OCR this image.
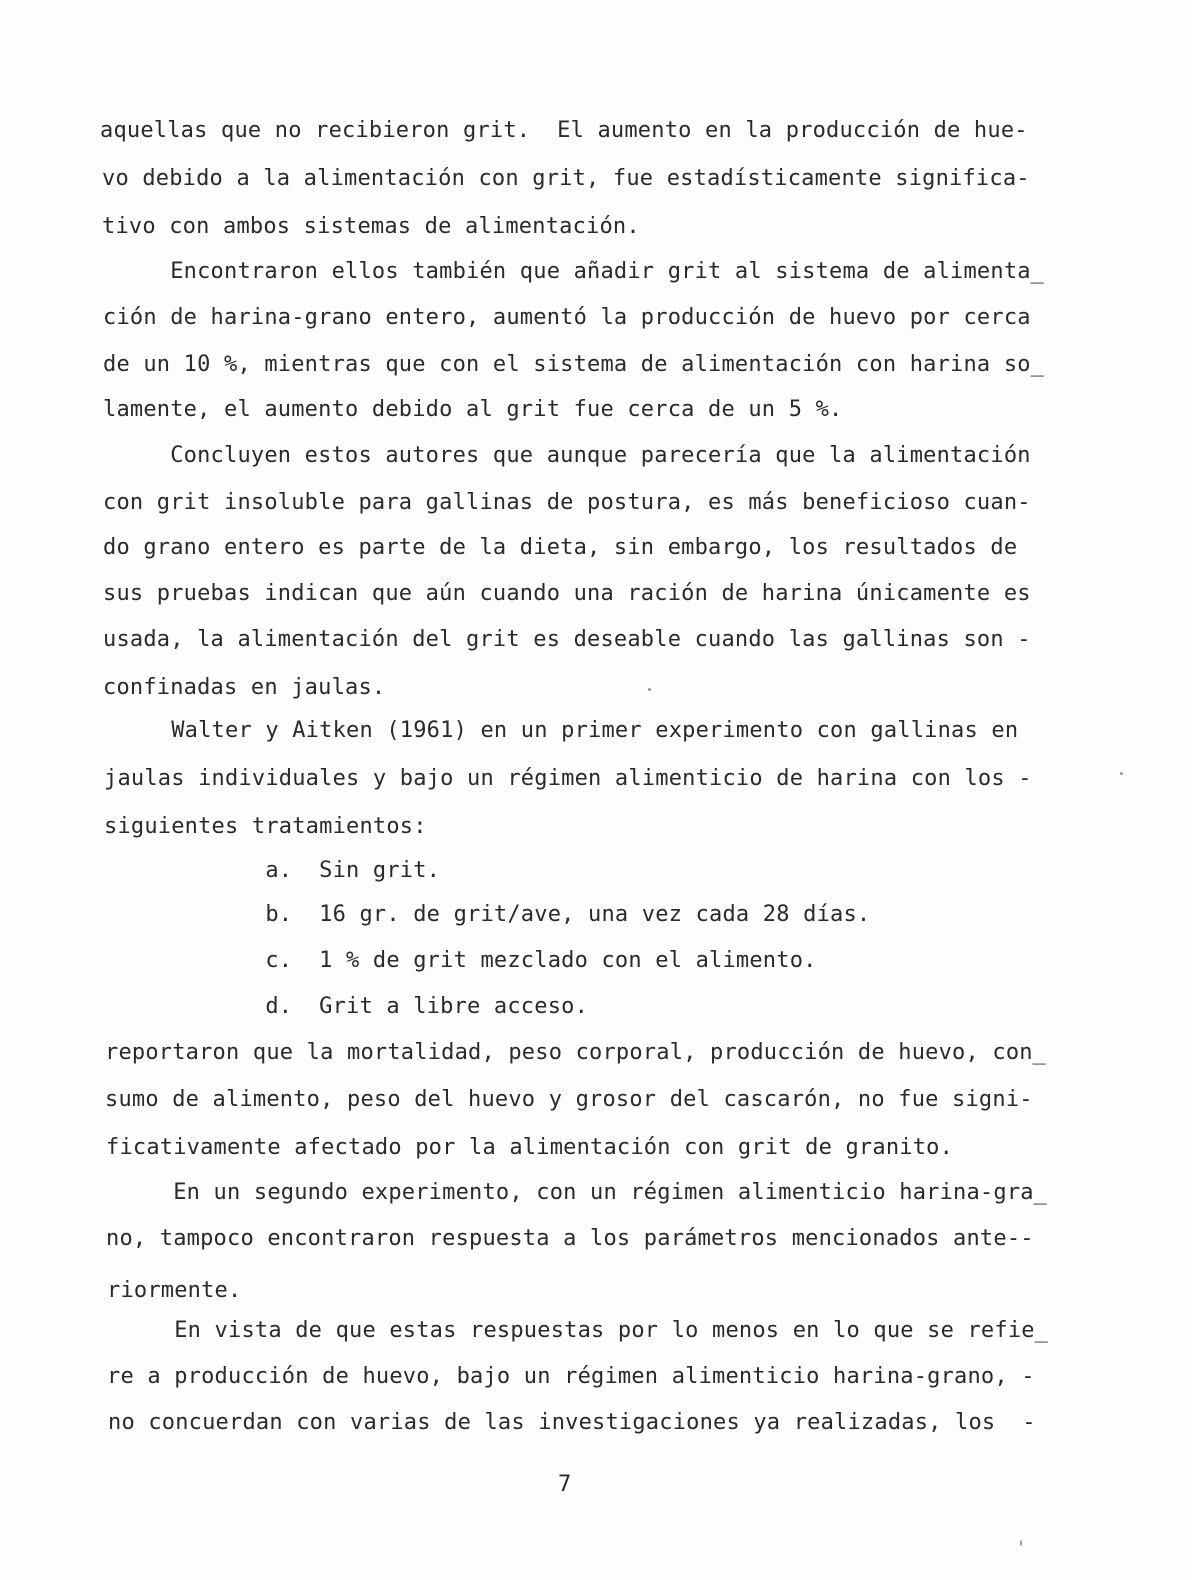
aquellas que no recibieron grit.  El aumento en la producción de hue-
vo debido a la alimentación con grit, fue estadísticamente significa-
tivo con ambos sistemas de alimentación.
Encontraron ellos también que añadir grit al sistema de alimenta̲
ción de harina-grano entero, aumentó la producción de huevo por cerca
de un 10 %, mientras que con el sistema de alimentación con harina so̲
lamente, el aumento debido al grit fue cerca de un 5 %.
Concluyen estos autores que aunque parecería que la alimentación
con grit insoluble para gallinas de postura, es más beneficioso cuan-
do grano entero es parte de la dieta, sin embargo, los resultados de
sus pruebas indican que aún cuando una ración de harina únicamente es
usada, la alimentación del grit es deseable cuando las gallinas son -
confinadas en jaulas.
Walter y Aitken (1961) en un primer experimento con gallinas en
jaulas individuales y bajo un régimen alimenticio de harina con los -
siguientes tratamientos:
a.  Sin grit.
b.  16 gr. de grit/ave, una vez cada 28 días.
c.  1 % de grit mezclado con el alimento.
d.  Grit a libre acceso.
reportaron que la mortalidad, peso corporal, producción de huevo, con̲
sumo de alimento, peso del huevo y grosor del cascarón, no fue signi-
ficativamente afectado por la alimentación con grit de granito.
En un segundo experimento, con un régimen alimenticio harina-gra̲
no, tampoco encontraron respuesta a los parámetros mencionados ante--
riormente.
En vista de que estas respuestas por lo menos en lo que se refie̲
re a producción de huevo, bajo un régimen alimenticio harina-grano, -
no concuerdan con varias de las investigaciones ya realizadas, los  -
7
